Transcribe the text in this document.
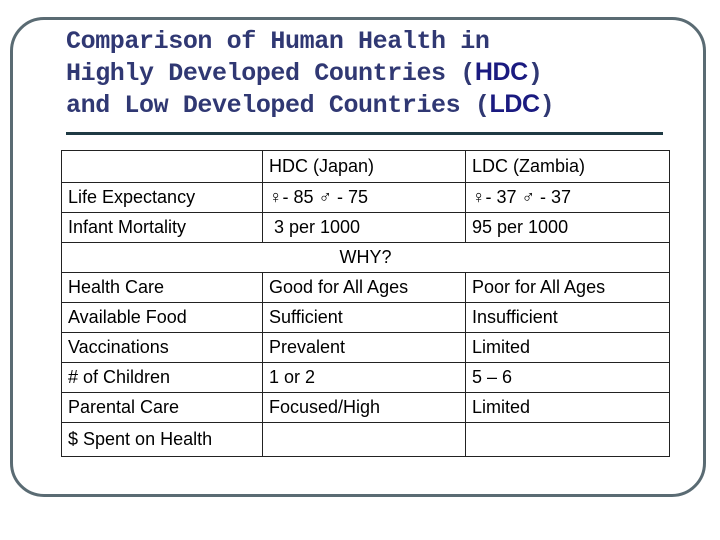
Comparison of Human Health in
Highly Developed Countries (HDC)
and Low Developed Countries (LDC)
	HDC (Japan)	LDC (Zambia)
Life Expectancy	♀- 85 ♂ - 75	♀- 37 ♂ - 37
Infant Mortality	3 per 1000	95 per 1000
WHY?		
Health Care	Good for All Ages	Poor for All Ages
Available Food	Sufficient	Insufficient
Vaccinations	Prevalent	Limited
# of Children	1 or 2	5 – 6
Parental Care	Focused/High	Limited
$ Spent on Health		
